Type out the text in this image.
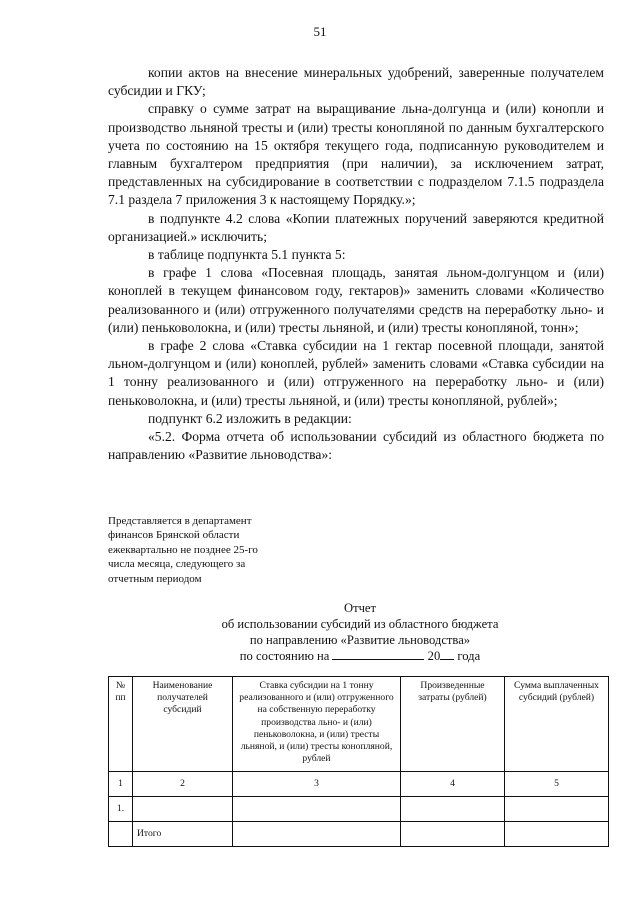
51

копии актов на внесение минеральных удобрений, заверенные получателем субсидии и ГКУ;

справку о сумме затрат на выращивание льна-долгунца и (или) конопли и производство льняной тресты и (или) тресты конопляной по данным бухгалтерского учета по состоянию на 15 октября текущего года, подписанную руководителем и главным бухгалтером предприятия (при наличии), за исключением затрат, представленных на субсидирование в соответствии с подразделом 7.1.5 подраздела 7.1 раздела 7 приложения 3 к настоящему Порядку.»;

в подпункте 4.2 слова «Копии платежных поручений заверяются кредитной организацией.» исключить;

в таблице подпункта 5.1 пункта 5:

в графе 1 слова «Посевная площадь, занятая льном-долгунцом и (или) коноплей в текущем финансовом году, гектаров)» заменить словами «Количество реализованного и (или) отгруженного получателями средств на переработку льно- и (или) пеньковолокна, и (или) тресты льняной, и (или) тресты конопляной, тонн»;

в графе 2 слова «Ставка субсидии на 1 гектар посевной площади, занятой льном-долгунцом и (или) коноплей, рублей» заменить словами «Ставка субсидии на 1 тонну реализованного и (или) отгруженного на переработку льно- и (или) пеньковолокна, и (или) тресты льняной, и (или) тресты конопляной, рублей»;

подпункт 6.2 изложить в редакции:

«5.2. Форма отчета об использовании субсидий из областного бюджета по направлению «Развитие льноводства»:

Представляется в департамент
финансов Брянской области
ежеквартально не позднее 25-го
числа месяца, следующего за
отчетным периодом
Отчет
об использовании субсидий из областного бюджета
по направлению «Развитие льноводства»
по состоянию на	20 года
№ пп	Наименование получателей субсидий	Ставка субсидии на 1 тонну реализованного и (или) отгруженного на собственную переработку производства льно- и (или) пеньковолокна, и (или) тресты льняной, и (или) тресты конопляной, рублей	Произведенные затраты (рублей)	Сумма выплаченных субсидий (рублей)
1	2	3	4	5
1.				
	Итого			
